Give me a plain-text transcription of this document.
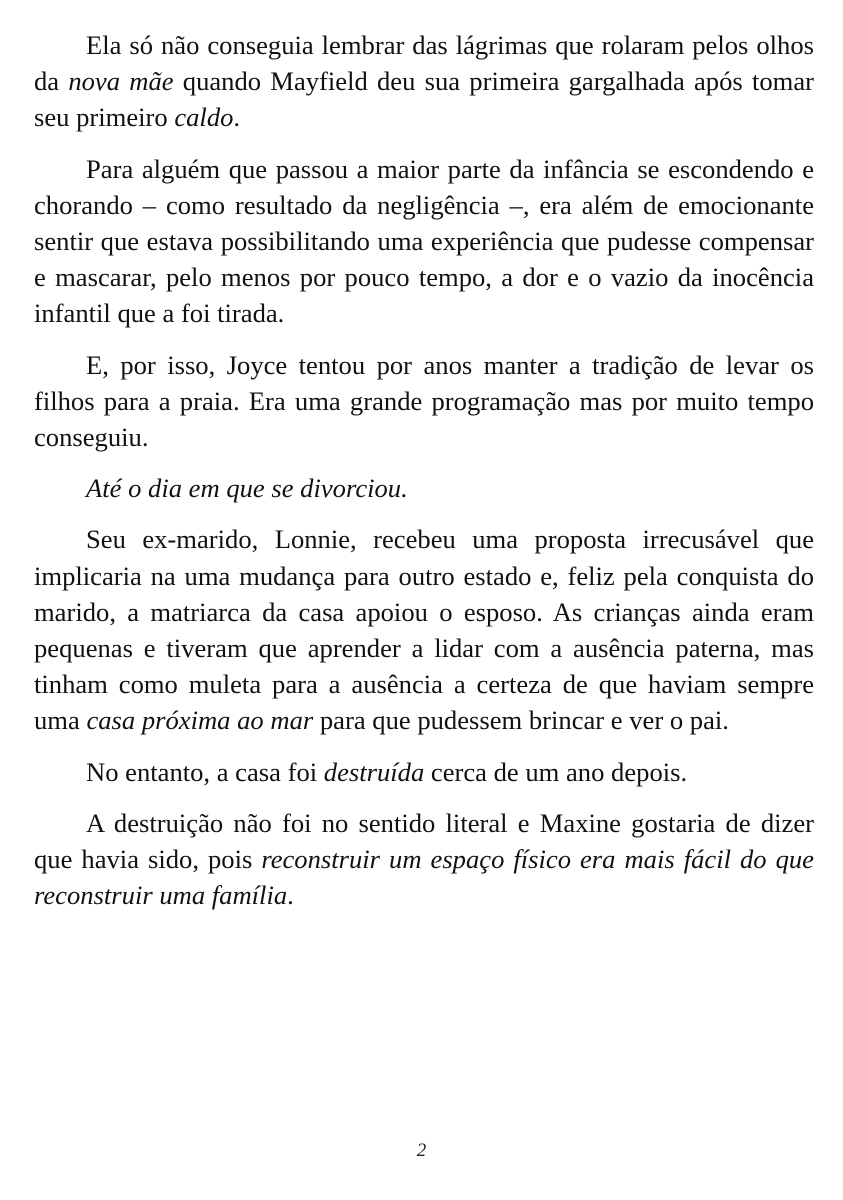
Ela só não conseguia lembrar das lágrimas que rolaram pelos olhos da nova mãe quando Mayfield deu sua primeira gargalhada após tomar seu primeiro caldo.

Para alguém que passou a maior parte da infância se escondendo e chorando – como resultado da negligência –, era além de emocionante sentir que estava possibilitando uma experiência que pudesse compensar e mascarar, pelo menos por pouco tempo, a dor e o vazio da inocência infantil que a foi tirada.

E, por isso, Joyce tentou por anos manter a tradição de levar os filhos para a praia. Era uma grande programação mas por muito tempo conseguiu.

Até o dia em que se divorciou.

Seu ex-marido, Lonnie, recebeu uma proposta irrecusável que implicaria na uma mudança para outro estado e, feliz pela conquista do marido, a matriarca da casa apoiou o esposo. As crianças ainda eram pequenas e tiveram que aprender a lidar com a ausência paterna, mas tinham como muleta para a ausência a certeza de que haviam sempre uma casa próxima ao mar para que pudessem brincar e ver o pai.

No entanto, a casa foi destruída cerca de um ano depois.

A destruição não foi no sentido literal e Maxine gostaria de dizer que havia sido, pois reconstruir um espaço físico era mais fácil do que reconstruir uma família.

2
